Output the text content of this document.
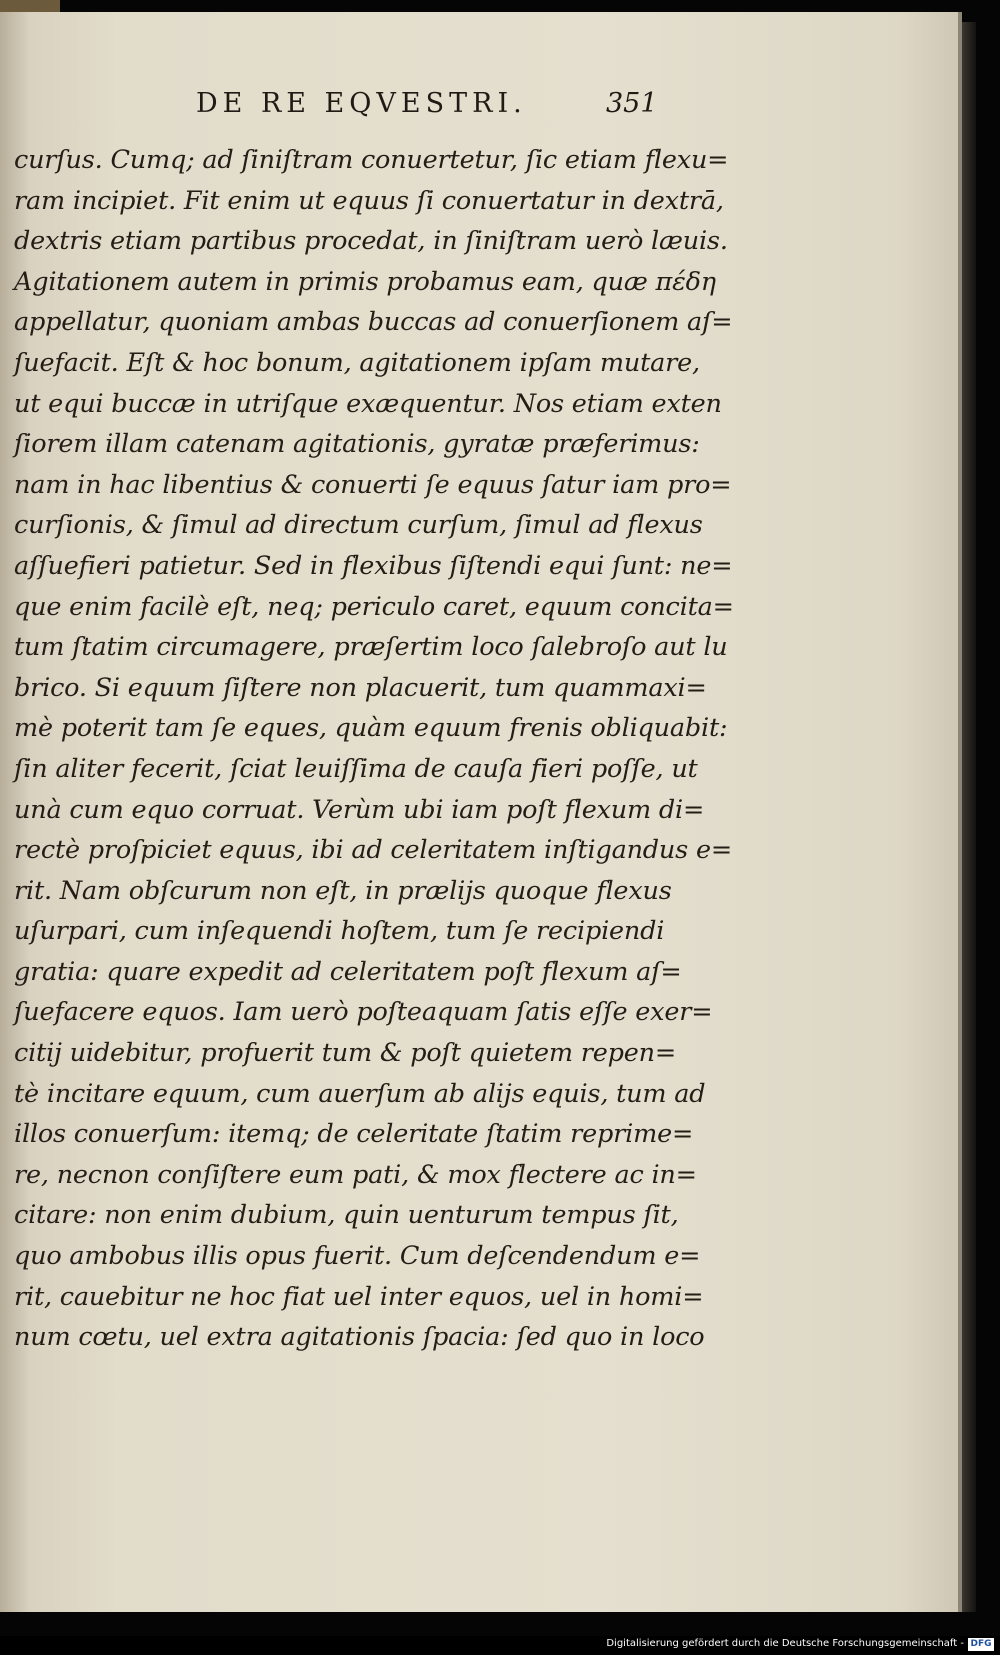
DE RE EQVESTRI.	351
curſus. Cumq; ad ſiniſtram conuertetur, ſic etiam flexu=
ram incipiet. Fit enim ut equus ſi conuertatur in dextrā,
dextris etiam partibus procedat, in ſiniſtram uerò læuis.
Agitationem autem in primis probamus eam, quæ πέδη
appellatur, quoniam ambas buccas ad conuerſionem aſ=
ſuefacit. Eſt & hoc bonum, agitationem ipſam mutare,
ut equi buccæ in utriſque exæquentur. Nos etiam exten
ſiorem illam catenam agitationis, gyratæ præferimus:
nam in hac libentius & conuerti ſe equus ſatur iam pro=
curſionis, & ſimul ad directum curſum, ſimul ad flexus
aſſuefieri patietur. Sed in flexibus ſiſtendi equi ſunt: ne=
que enim facilè eſt, neq; periculo caret, equum concita=
tum ſtatim circumagere, præſertim loco ſalebroſo aut lu
brico. Si equum ſiſtere non placuerit, tum quammaxi=
mè poterit tam ſe eques, quàm equum frenis obliquabit:
ſin aliter fecerit, ſciat leuiſſima de cauſa fieri poſſe, ut
unà cum equo corruat. Verùm ubi iam poſt flexum di=
rectè proſpiciet equus, ibi ad celeritatem inſtigandus e=
rit. Nam obſcurum non eſt, in prælijs quoque flexus
uſurpari, cum inſequendi hoſtem, tum ſe recipiendi
gratia: quare expedit ad celeritatem poſt flexum aſ=
ſuefacere equos. Iam uerò poſteaquam ſatis eſſe exer=
citij uidebitur, profuerit tum & poſt quietem repen=
tè incitare equum, cum auerſum ab alijs equis, tum ad
illos conuerſum: itemq; de celeritate ſtatim reprime=
re, necnon conſiſtere eum pati, & mox flectere ac in=
citare: non enim dubium, quin uenturum tempus ſit,
quo ambobus illis opus fuerit. Cum deſcendendum e=
rit, cauebitur ne hoc fiat uel inter equos, uel in homi=
num cœtu, uel extra agitationis ſpacia: ſed quo in loco
Digitalisierung gefördert durch die Deutsche Forschungsgemeinschaft - DFG
